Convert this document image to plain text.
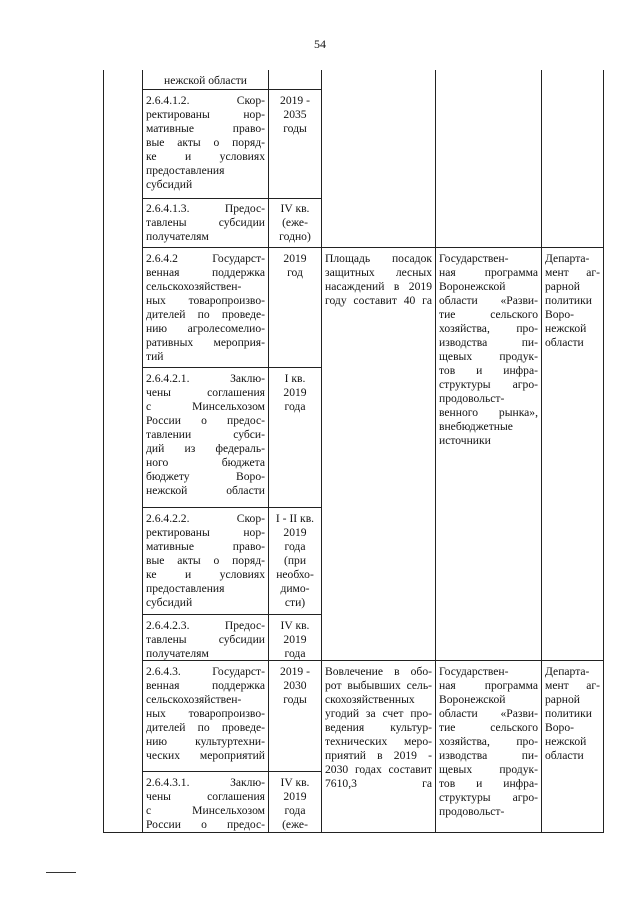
54
нежской области
2.6.4.1.2. Скор-
ректированы нор-
мативные право-
вые акты о поряд-
ке и условиях
предоставления
субсидий
2019 -
2035
годы
2.6.4.1.3. Предос-
тавлены субсидии
получателям
IV кв.
(еже-
годно)
2.6.4.2 Государст-
венная поддержка
сельскохозяйствен-
ных товаропроизво-
дителей по проведе-
нию агролесомелио-
ративных мероприя-
тий
2019
год
Площадь посадок
защитных лесных
насаждений в 2019
году составит 40 га
Государствен-
ная программа
Воронежской
области «Разви-
тие сельского
хозяйства, про-
изводства пи-
щевых продук-
тов и инфра-
структуры агро-
продовольст-
венного рынка»,
внебюджетные
источники
Департа-
мент аг-
рарной
политики
Воро-
нежской
области
2.6.4.2.1. Заклю-
чены соглашения
с Минсельхозом
России о предос-
тавлении субси-
дий из федераль-
ного бюджета
бюджету Воро-
нежской области
I кв.
2019
года
2.6.4.2.2. Скор-
ректированы нор-
мативные право-
вые акты о поряд-
ке и условиях
предоставления
субсидий
I - II кв.
2019
года
(при
необхо-
димо-
сти)
2.6.4.2.3. Предос-
тавлены субсидии
получателям
IV кв.
2019
года
2.6.4.3. Государст-
венная поддержка
сельскохозяйствен-
ных товаропроизво-
дителей по проведе-
нию культуртехни-
ческих мероприятий
2019 -
2030
годы
Вовлечение в обо-
рот выбывших сель-
скохозяйственных
угодий за счет про-
ведения культур-
технических меро-
приятий в 2019 -
2030 годах составит
7610,3 га
Государствен-
ная программа
Воронежской
области «Разви-
тие сельского
хозяйства, про-
изводства пи-
щевых продук-
тов и инфра-
структуры агро-
продовольст-
Департа-
мент аг-
рарной
политики
Воро-
нежской
области
2.6.4.3.1. Заклю-
чены соглашения
с Минсельхозом
России о предос-
IV кв.
2019
года
(еже-
